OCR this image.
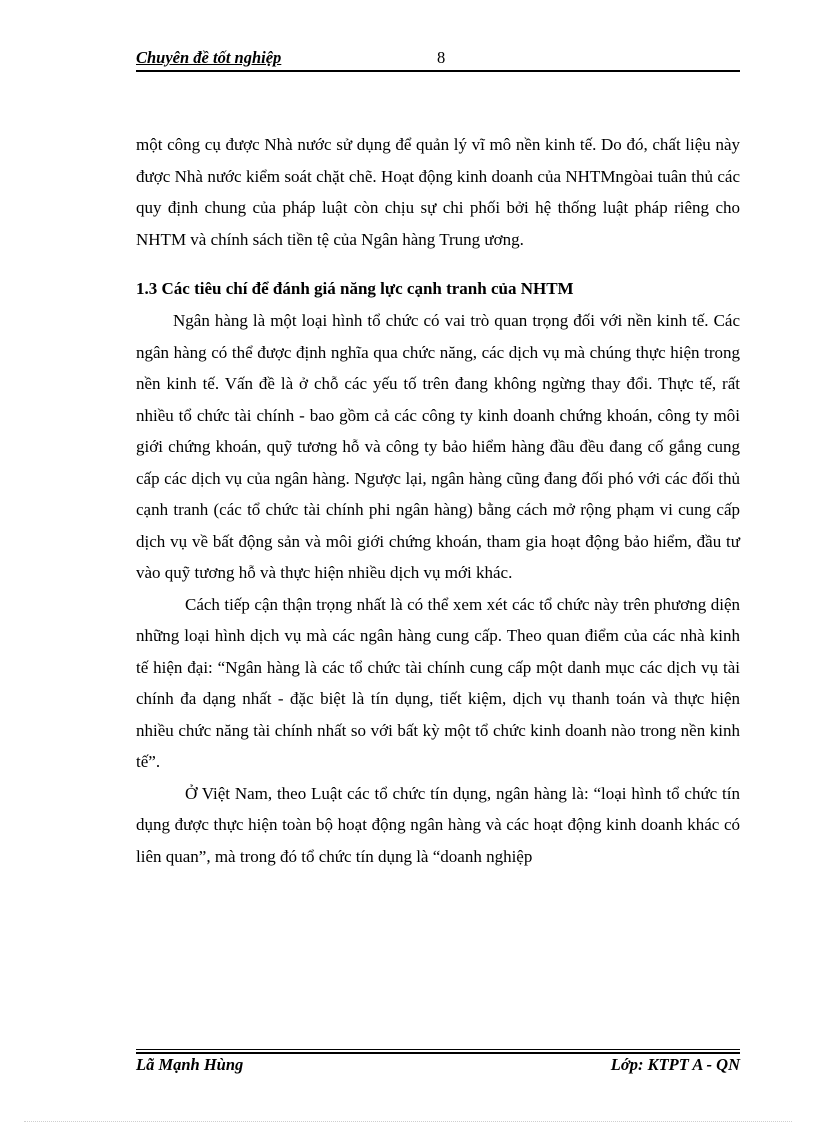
Chuyên đề tốt nghiệp	8

một công cụ được Nhà nước sử dụng để quản lý vĩ mô nền kinh tế. Do đó, chất liệu này được Nhà nước kiểm soát chặt chẽ. Hoạt động kinh doanh của NHTMngòai tuân thủ các quy định chung của pháp luật còn chịu sự chi phối bởi hệ thống luật pháp riêng cho NHTM và chính sách tiền tệ của Ngân hàng Trung ương.

1.3 Các tiêu chí để đánh giá năng lực cạnh tranh của NHTM

Ngân hàng là một loại hình tổ chức có vai trò quan trọng đối với nền kinh tế. Các ngân hàng có thể được định nghĩa qua chức năng, các dịch vụ mà chúng thực hiện trong nền kinh tế. Vấn đề là ở chỗ các yếu tố trên đang không ngừng thay đổi. Thực tế, rất nhiều tổ chức tài chính - bao gồm cả các công ty kinh doanh chứng khoán, công ty môi giới chứng khoán, quỹ tương hỗ và công ty bảo hiểm hàng đầu đều đang cố gắng cung cấp các dịch vụ của ngân hàng. Ngược lại, ngân hàng cũng đang đối phó với các đối thủ cạnh tranh (các tổ chức tài chính phi ngân hàng) bằng cách mở rộng phạm vi cung cấp dịch vụ về bất động sản và môi giới chứng khoán, tham gia hoạt động bảo hiểm, đầu tư vào quỹ tương hỗ và thực hiện nhiều dịch vụ mới khác.

Cách tiếp cận thận trọng nhất là có thể xem xét các tổ chức này trên phương diện những loại hình dịch vụ mà các ngân hàng cung cấp. Theo quan điểm của các nhà kinh tế hiện đại: “Ngân hàng là các tổ chức tài chính cung cấp một danh mục các dịch vụ tài chính đa dạng nhất - đặc biệt là tín dụng, tiết kiệm, dịch vụ thanh toán và thực hiện nhiều chức năng tài chính nhất so với bất kỳ một tổ chức kinh doanh nào trong nền kinh tế”.

Ở Việt Nam, theo Luật các tổ chức tín dụng, ngân hàng là: “loại hình tổ chức tín dụng được thực hiện toàn bộ hoạt động ngân hàng và các hoạt động kinh doanh khác có liên quan”, mà trong đó tổ chức tín dụng là “doanh nghiệp

Lã Mạnh Hùng	Lớp: KTPT A - QN
